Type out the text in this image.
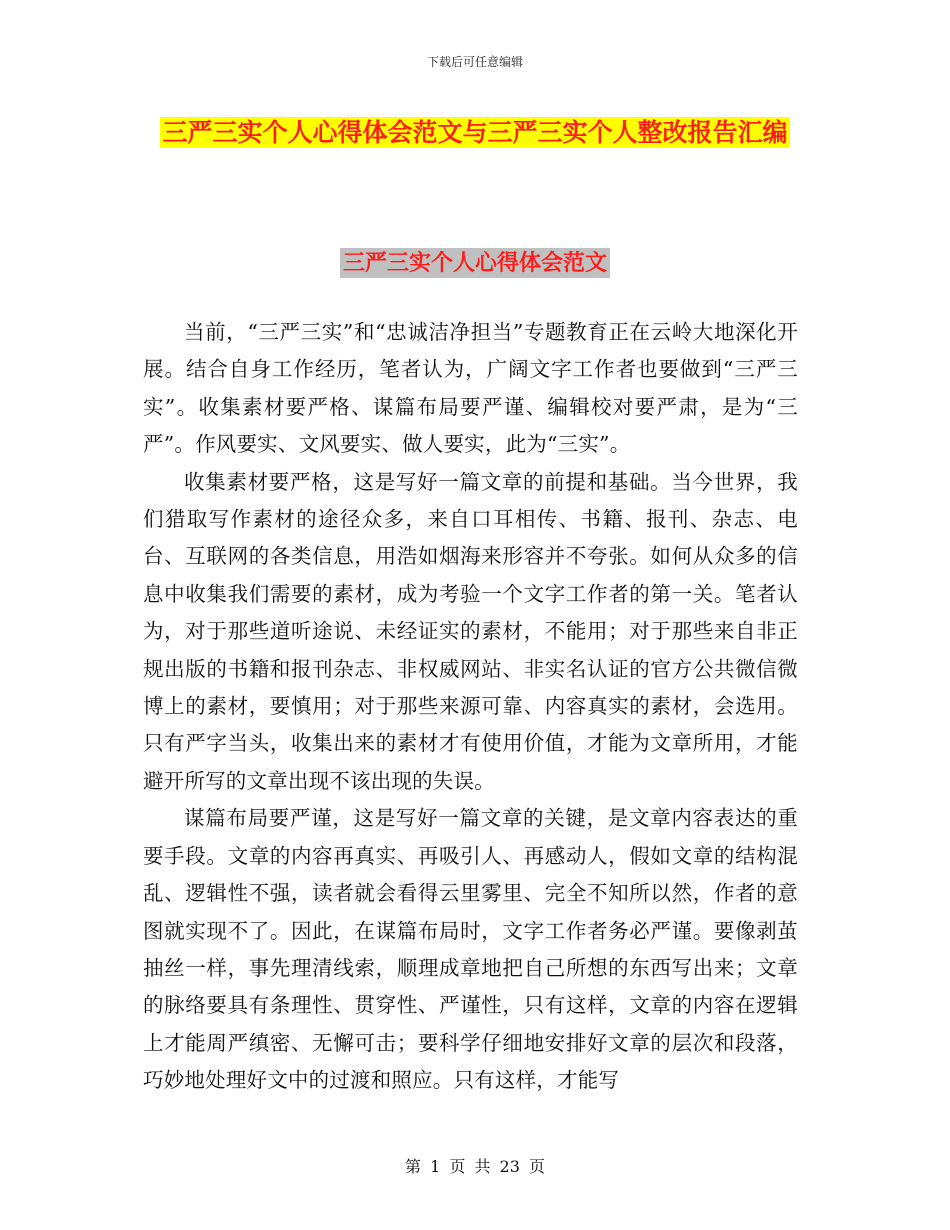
下载后可任意编辑
三严三实个人心得体会范文与三严三实个人整改报告汇编
三严三实个人心得体会范文

当前，“三严三实”和“忠诚洁净担当”专题教育正在云岭大地深化开展。结合自身工作经历，笔者认为，广阔文字工作者也要做到“三严三实”。收集素材要严格、谋篇布局要严谨、编辑校对要严肃，是为“三严”。作风要实、文风要实、做人要实，此为“三实”。

收集素材要严格，这是写好一篇文章的前提和基础。当今世界，我们猎取写作素材的途径众多，来自口耳相传、书籍、报刊、杂志、电台、互联网的各类信息，用浩如烟海来形容并不夸张。如何从众多的信息中收集我们需要的素材，成为考验一个文字工作者的第一关。笔者认为，对于那些道听途说、未经证实的素材，不能用；对于那些来自非正规出版的书籍和报刊杂志、非权威网站、非实名认证的官方公共微信微博上的素材，要慎用；对于那些来源可靠、内容真实的素材，会选用。只有严字当头，收集出来的素材才有使用价值，才能为文章所用，才能避开所写的文章出现不该出现的失误。

谋篇布局要严谨，这是写好一篇文章的关键，是文章内容表达的重要手段。文章的内容再真实、再吸引人、再感动人，假如文章的结构混乱、逻辑性不强，读者就会看得云里雾里、完全不知所以然，作者的意图就实现不了。因此，在谋篇布局时，文字工作者务必严谨。要像剥茧抽丝一样，事先理清线索，顺理成章地把自己所想的东西写出来；文章的脉络要具有条理性、贯穿性、严谨性，只有这样，文章的内容在逻辑上才能周严缜密、无懈可击；要科学仔细地安排好文章的层次和段落，巧妙地处理好文中的过渡和照应。只有这样，才能写

第 1 页 共 23 页
